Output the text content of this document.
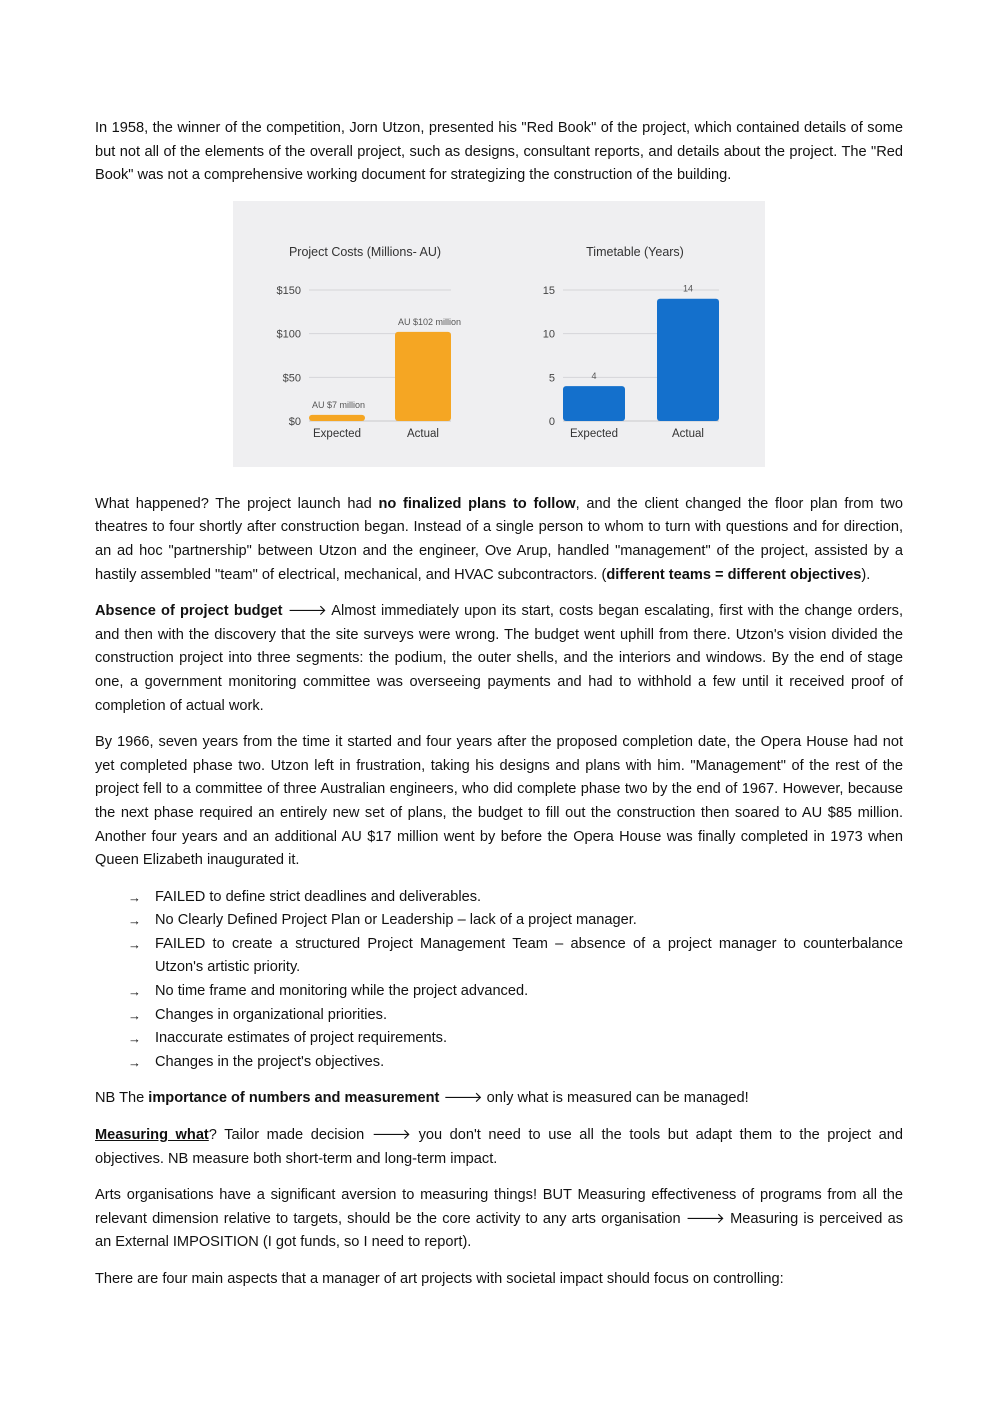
In 1958, the winner of the competition, Jorn Utzon, presented his "Red Book" of the project, which contained details of some but not all of the elements of the overall project, such as designs, consultant reports, and details about the project. The "Red Book" was not a comprehensive working document for strategizing the construction of the building.

Project Costs (Millions- AU)
$0
$50
$100
$150
AU $7 million
Expected
AU $102 million
Actual
Timetable (Years)
0
5
10
15
4
Expected
14
Actual

What happened? The project launch had no finalized plans to follow, and the client changed the floor plan from two theatres to four shortly after construction began. Instead of a single person to whom to turn with questions and for direction, an ad hoc "partnership" between Utzon and the engineer, Ove Arup, handled "management" of the project, assisted by a hastily assembled "team" of electrical, mechanical, and HVAC subcontractors. (different teams = different objectives).

Absence of project budget 🡒 Almost immediately upon its start, costs began escalating, first with the change orders, and then with the discovery that the site surveys were wrong. The budget went uphill from there. Utzon's vision divided the construction project into three segments: the podium, the outer shells, and the interiors and windows. By the end of stage one, a government monitoring committee was overseeing payments and had to withhold a few until it received proof of completion of actual work.

By 1966, seven years from the time it started and four years after the proposed completion date, the Opera House had not yet completed phase two. Utzon left in frustration, taking his designs and plans with him. "Management" of the rest of the project fell to a committee of three Australian engineers, who did complete phase two by the end of 1967. However, because the next phase required an entirely new set of plans, the budget to fill out the construction then soared to AU $85 million. Another four years and an additional AU $17 million went by before the Opera House was finally completed in 1973 when Queen Elizabeth inaugurated it.

→ FAILED to define strict deadlines and deliverables.
→ No Clearly Defined Project Plan or Leadership – lack of a project manager.
→ FAILED to create a structured Project Management Team – absence of a project manager to counterbalance Utzon's artistic priority.
→ No time frame and monitoring while the project advanced.
→ Changes in organizational priorities.
→ Inaccurate estimates of project requirements.
→ Changes in the project's objectives.

NB The importance of numbers and measurement 🡒 only what is measured can be managed!

Measuring what? Tailor made decision 🡒 you don't need to use all the tools but adapt them to the project and objectives. NB measure both short-term and long-term impact.

Arts organisations have a significant aversion to measuring things! BUT Measuring effectiveness of programs from all the relevant dimension relative to targets, should be the core activity to any arts organisation 🡒 Measuring is perceived as an External IMPOSITION (I got funds, so I need to report).

There are four main aspects that a manager of art projects with societal impact should focus on controlling:
